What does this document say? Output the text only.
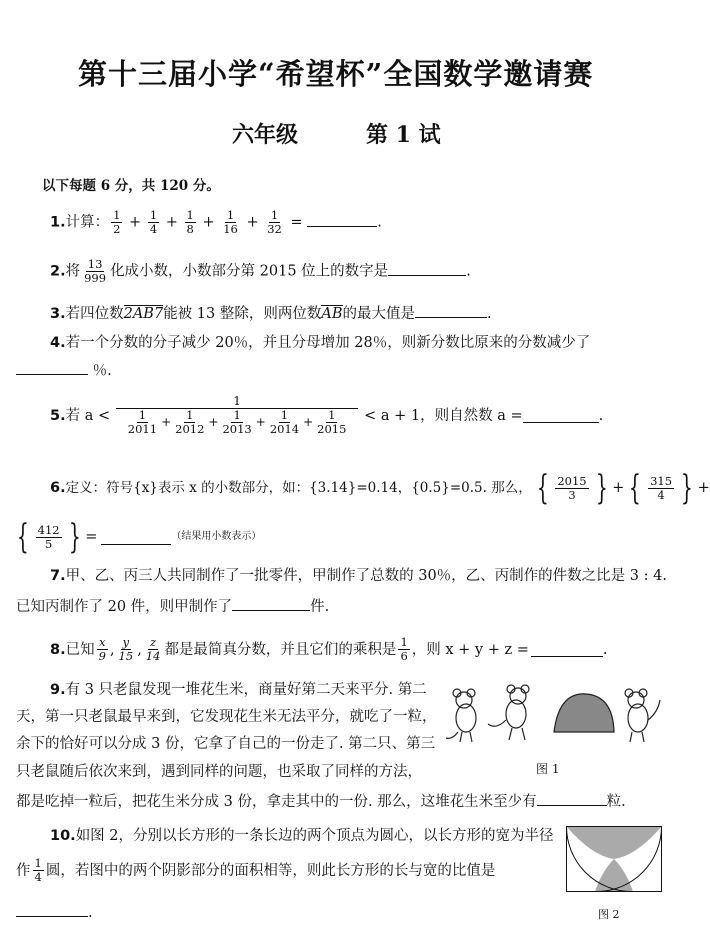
第十三届小学“希望杯”全国数学邀请赛
六年级	第 1 试
以下每题 6 分，共 120 分。
1.计算： $\frac{1}{2} + \frac{1}{4} + \frac{1}{8} + \frac{1}{16} + \frac{1}{32}$ =	.
2.将 $\frac{13}{999}$ 化成小数，小数部分第 2015 位上的数字是	.
3.若四位数2AB7能被 13 整除，则两位数AB的最大值是	.
4.若一个分数的分子减少 20％，并且分母增加 28％，则新分数比原来的分数减少了
％.
5. 若 $a < \frac{1}{\frac{1}{2011} + \frac{1}{2012} + \frac{1}{2013} + \frac{1}{2014} + \frac{1}{2015}} < a + 1$，则自然数 a =	.
6. 定义：符号{x}表示 x 的小数部分，如：{3.14}=0.14，{0.5}=0.5. 那么， { $\frac{2015}{3}$ } + { $\frac{315}{4}$ } +
{ $\frac{412}{5}$ } =	（结果用小数表示）
7.甲、乙、丙三人共同制作了一批零件，甲制作了总数的 30％，乙、丙制作的件数之比是 3 : 4.
已知丙制作了 20 件，则甲制作了	件.
8. 已知 $\frac{x}{9}$ , $\frac{y}{15}$ , $\frac{z}{14}$ 都是最简真分数，并且它们的乘积是 $\frac{1}{6}$ ，则 x + y + z =	.
9.有 3 只老鼠发现一堆花生米，商量好第二天来平分. 第二
天，第一只老鼠最早来到，它发现花生米无法平分，就吃了一粒，
余下的恰好可以分成 3 份，它拿了自己的一份走了. 第二只、第三
只老鼠随后依次来到，遇到同样的问题，也采取了同样的方法，
都是吃掉一粒后，把花生米分成 3 份，拿走其中的一份. 那么，这堆花生米至少有	粒.
图 1
10.如图 2，分别以长方形的一条长边的两个顶点为圆心，以长方形的宽为半径
作 $\frac{1}{4}$ 圆，若图中的两个阴影部分的面积相等，则此长方形的长与宽的比值是
.	图 2
